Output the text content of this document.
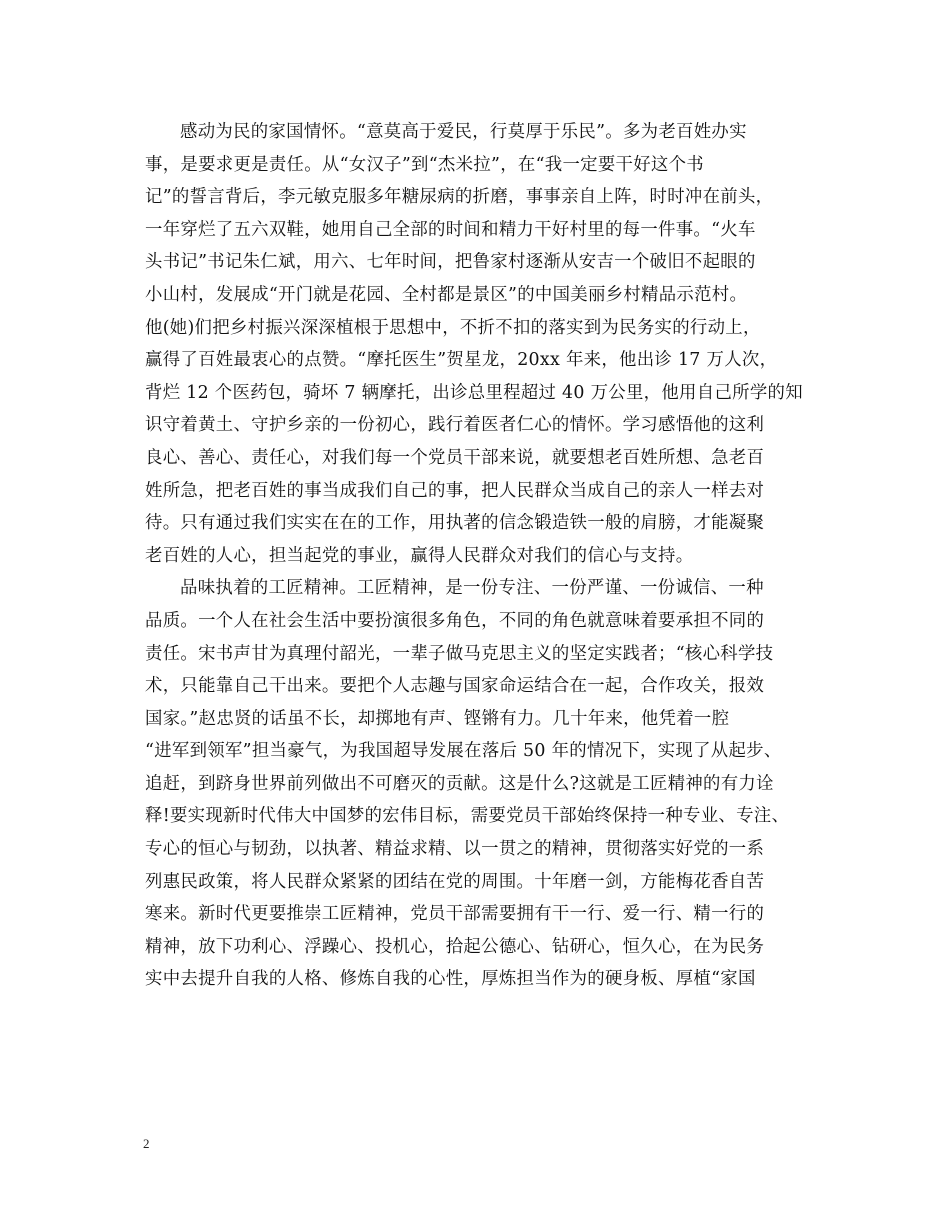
感动为民的家国情怀。“意莫高于爱民，行莫厚于乐民”。多为老百姓办实
事，是要求更是责任。从“女汉子”到“杰米拉”，在“我一定要干好这个书
记”的誓言背后，李元敏克服多年糖尿病的折磨，事事亲自上阵，时时冲在前头，
一年穿烂了五六双鞋，她用自己全部的时间和精力干好村里的每一件事。“火车
头书记”书记朱仁斌，用六、七年时间，把鲁家村逐渐从安吉一个破旧不起眼的
小山村，发展成“开门就是花园、全村都是景区”的中国美丽乡村精品示范村。
他(她)们把乡村振兴深深植根于思想中，不折不扣的落实到为民务实的行动上，
赢得了百姓最衷心的点赞。“摩托医生”贺星龙，20xx 年来，他出诊 17 万人次，
背烂 12 个医药包，骑坏 7 辆摩托，出诊总里程超过 40 万公里，他用自己所学的知
识守着黄土、守护乡亲的一份初心，践行着医者仁心的情怀。学习感悟他的这利
良心、善心、责任心，对我们每一个党员干部来说，就要想老百姓所想、急老百
姓所急，把老百姓的事当成我们自己的事，把人民群众当成自己的亲人一样去对
待。只有通过我们实实在在的工作，用执著的信念锻造铁一般的肩膀，才能凝聚
老百姓的人心，担当起党的事业，赢得人民群众对我们的信心与支持。
品味执着的工匠精神。工匠精神，是一份专注、一份严谨、一份诚信、一种
品质。一个人在社会生活中要扮演很多角色，不同的角色就意味着要承担不同的
责任。宋书声甘为真理付韶光，一辈子做马克思主义的坚定实践者；“核心科学技
术，只能靠自己干出来。要把个人志趣与国家命运结合在一起，合作攻关，报效
国家。”赵忠贤的话虽不长，却掷地有声、铿锵有力。几十年来，他凭着一腔
“进军到领军”担当豪气，为我国超导发展在落后 50 年的情况下，实现了从起步、
追赶，到跻身世界前列做出不可磨灭的贡献。这是什么?这就是工匠精神的有力诠
释!要实现新时代伟大中国梦的宏伟目标，需要党员干部始终保持一种专业、专注、
专心的恒心与韧劲，以执著、精益求精、以一贯之的精神，贯彻落实好党的一系
列惠民政策，将人民群众紧紧的团结在党的周围。十年磨一剑，方能梅花香自苦
寒来。新时代更要推崇工匠精神，党员干部需要拥有干一行、爱一行、精一行的
精神，放下功利心、浮躁心、投机心，拾起公德心、钻研心，恒久心，在为民务
实中去提升自我的人格、修炼自我的心性，厚炼担当作为的硬身板、厚植“家国
2
